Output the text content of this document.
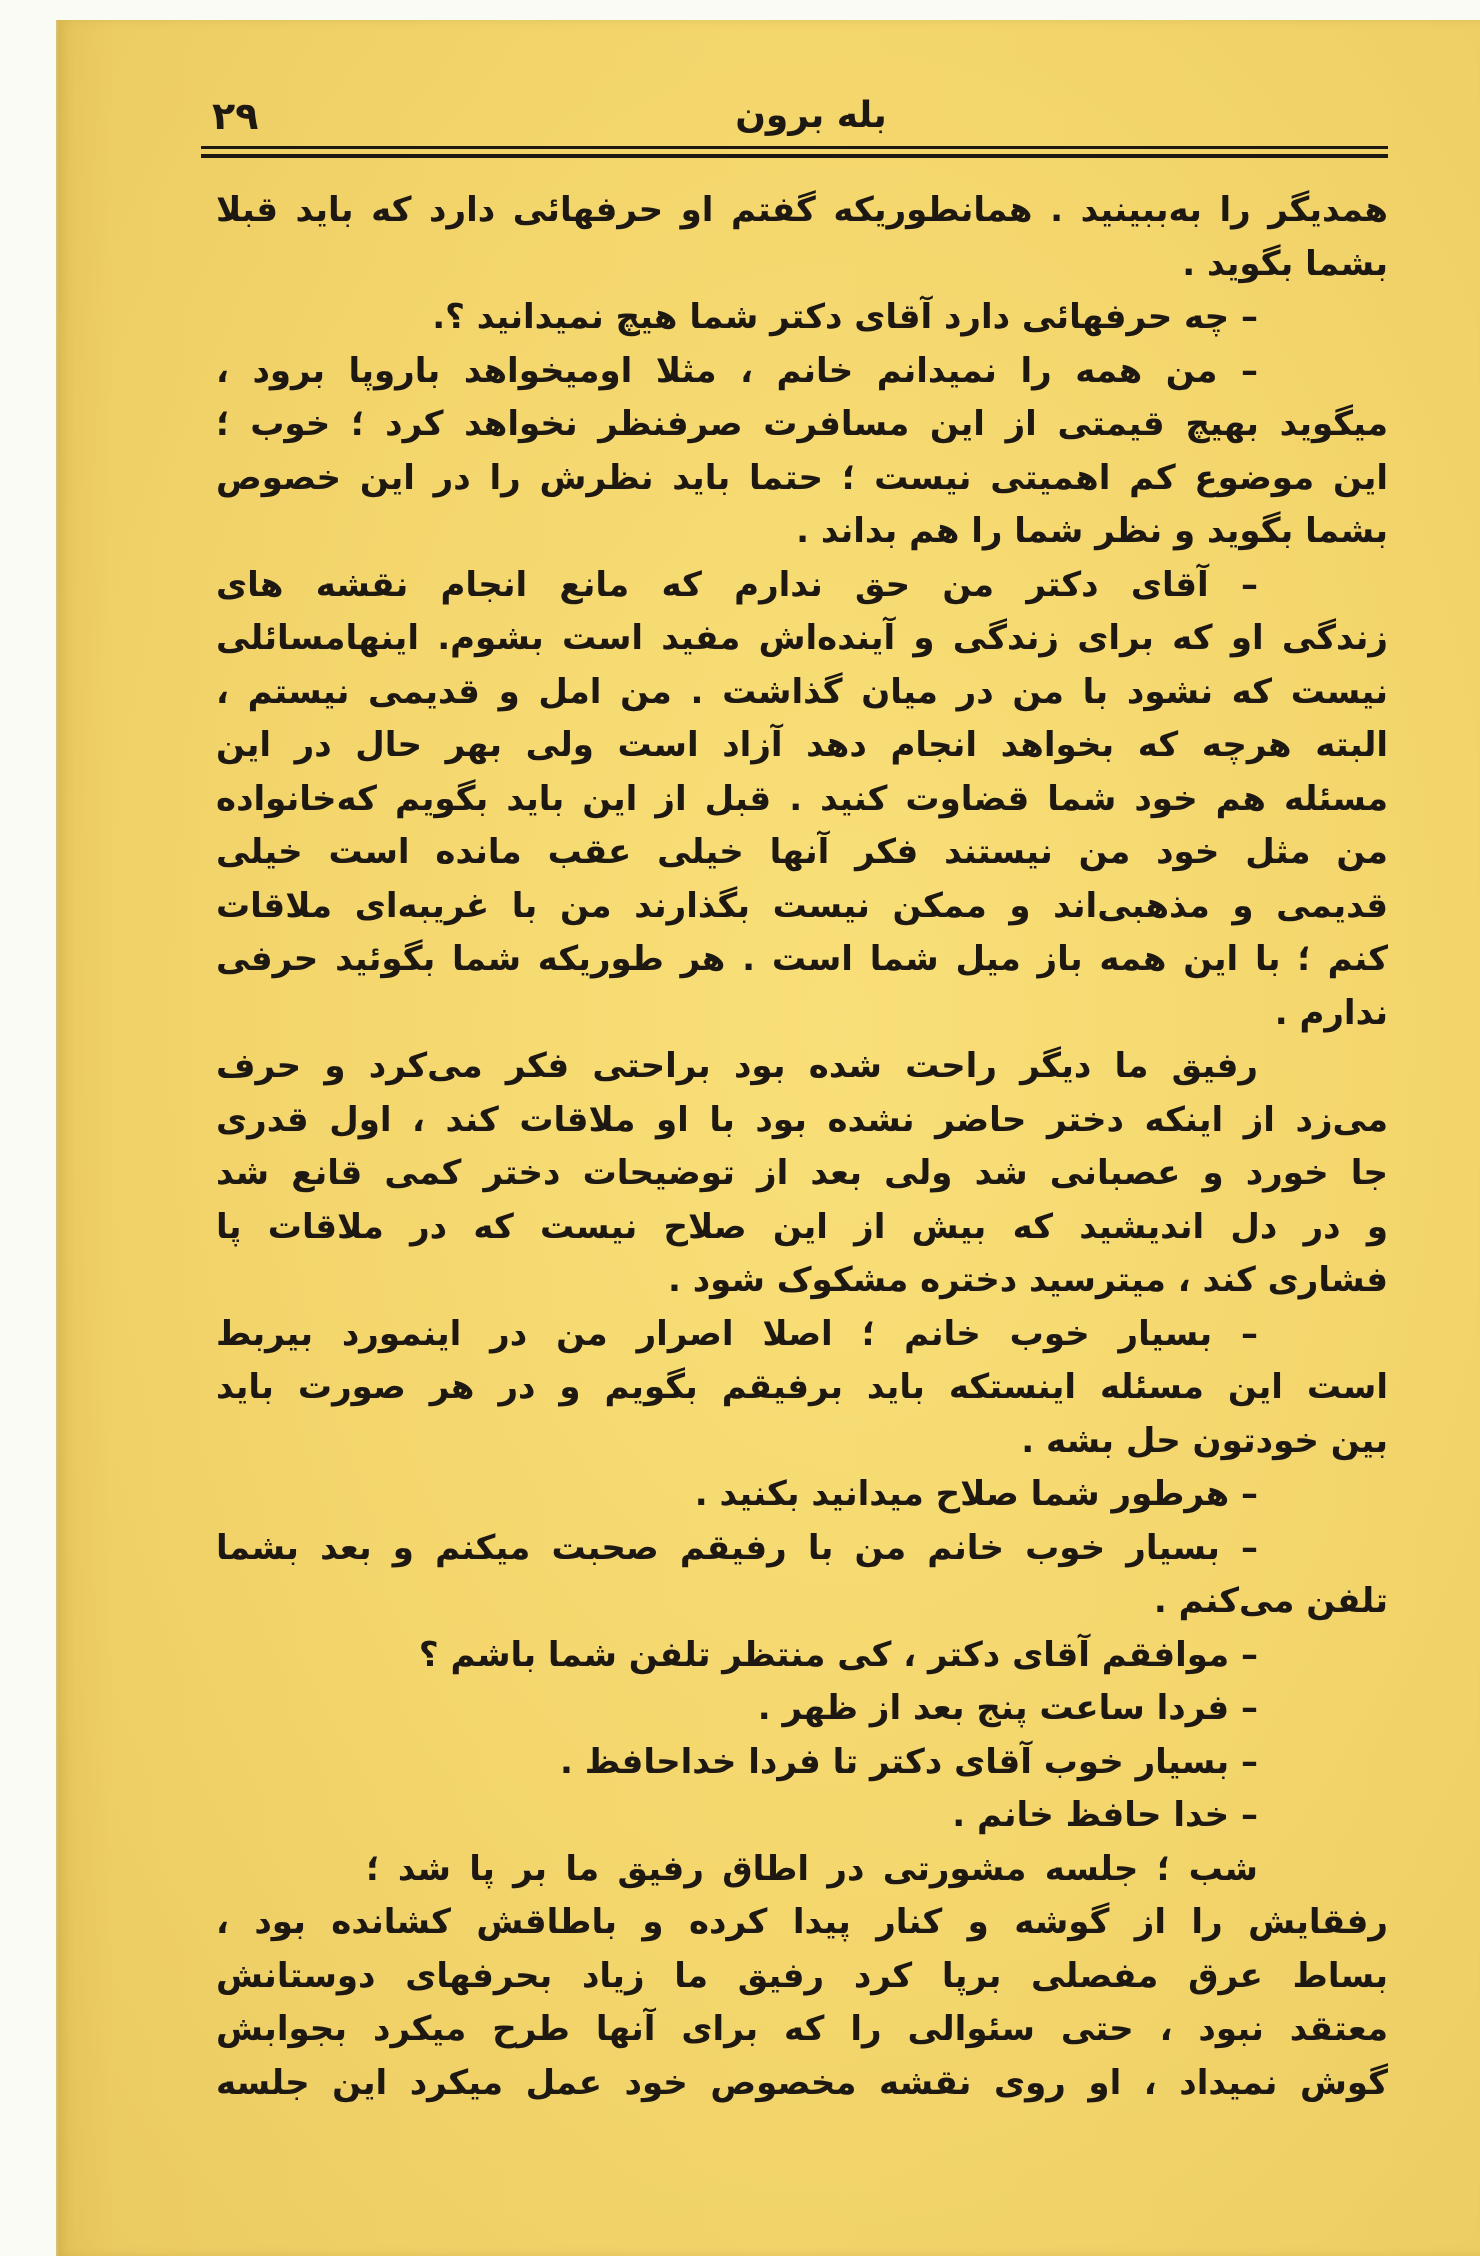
۲۹	بله برون
همدیگر را به‌ببینید . همانطوریکه گفتم او حرفهائی دارد که باید قبلا
بشما بگوید .
– چه حرفهائی دارد آقای دکتر شما هیچ نمیدانید ؟.
– من همه را نمیدانم خانم ، مثلا اومیخواهد باروپا برود ،
میگوید بهیچ قیمتی از این مسافرت صرفنظر نخواهد کرد ؛ خوب ؛
این موضوع کم اهمیتی نیست ؛ حتما باید نظرش را در این خصوص
بشما بگوید و نظر شما را هم بداند .
– آقای دکتر من حق ندارم که مانع انجام نقشه های
زندگی او که برای زندگی و آینده‌اش مفید است بشوم. اینهامسائلی
نیست که نشود با من در میان گذاشت . من امل و قدیمی نیستم ،
البته هرچه که بخواهد انجام دهد آزاد است ولی بهر حال در این
مسئله هم خود شما قضاوت کنید . قبل از این باید بگویم که‌خانواده
من مثل خود من نیستند فکر آنها خیلی عقب مانده است خیلی
قدیمی و مذهبی‌اند و ممکن نیست بگذارند من با غریبه‌ای ملاقات
کنم ؛ با این همه باز میل شما است . هر طوریکه شما بگوئید حرفی
ندارم .
رفیق ما دیگر راحت شده بود براحتی فکر می‌کرد و حرف
می‌زد از اینکه دختر حاضر نشده بود با او ملاقات کند ، اول قدری
جا خورد و عصبانی شد ولی بعد از توضیحات دختر کمی قانع شد
و در دل اندیشید که بیش از این صلاح نیست که در ملاقات پا
فشاری کند ، میترسید دختره مشکوک شود .
– بسیار خوب خانم ؛ اصلا اصرار من در اینمورد بیربط
است این مسئله اینستکه باید برفیقم بگویم و در هر صورت باید
بین خودتون حل بشه .
– هرطور شما صلاح میدانید بکنید .
– بسیار خوب خانم من با رفیقم صحبت میکنم و بعد بشما
تلفن می‌کنم .
– موافقم آقای دکتر ، کی منتظر تلفن شما باشم ؟
– فردا ساعت پنج بعد از ظهر .
– بسیار خوب آقای دکتر تا فردا خداحافظ .
– خدا حافظ خانم .
شب ؛ جلسه مشورتی در اطاق رفیق ما بر پا شد ؛
رفقایش را از گوشه و کنار پیدا کرده و باطاقش کشانده بود ،
بساط عرق مفصلی برپا کرد رفیق ما زیاد بحرفهای دوستانش
معتقد نبود ، حتی سئوالی را که برای آنها طرح میکرد بجوابش
گوش نمیداد ، او روی نقشه مخصوص خود عمل میکرد این جلسه
